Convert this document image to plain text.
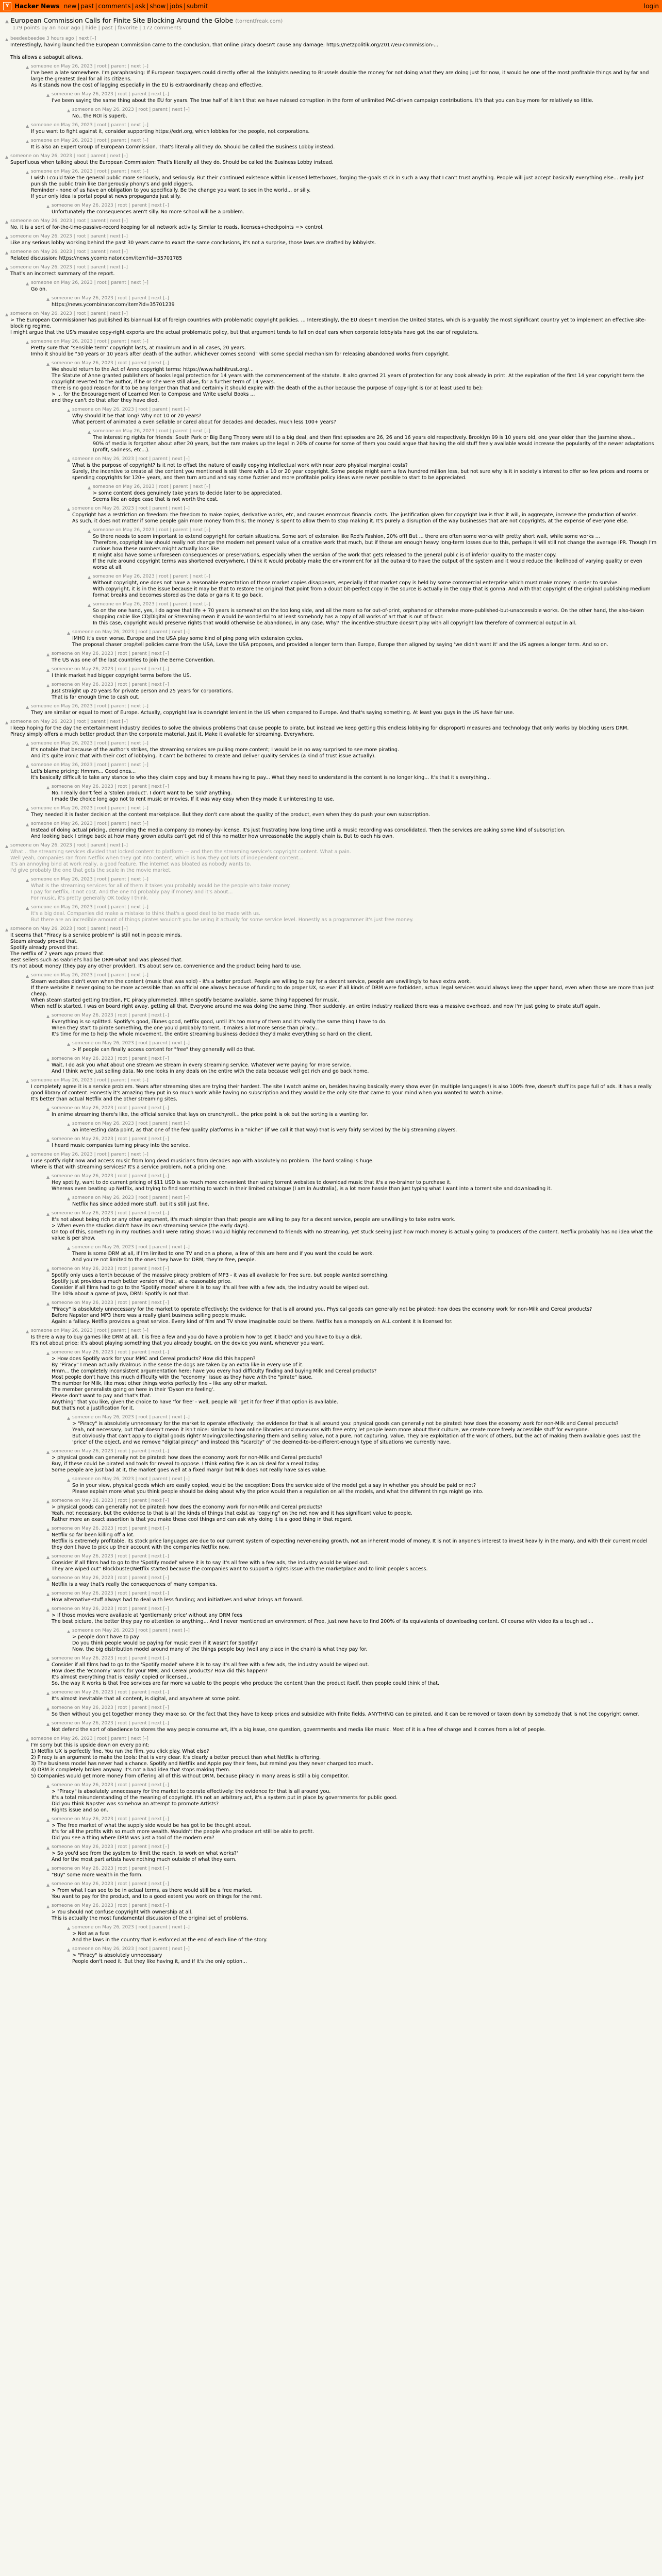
Y Hacker News new | past | comments | ask | show | jobs | submit	login
▲ European Commission Calls for Finite Site Blocking Around the Globe (torrentfreak.com)
179 points by an hour ago | hide | past | favorite | 172 comments
▲ beedeebeedee 3 hours ago | next [–]
Interestingly, having launched the European Commission came to the conclusion, that online piracy doesn't cause any damage: https://netzpolitik.org/2017/eu-commission-...

This allows a sabaguit allows.
▲ someone on May 26, 2023 | root | parent | next [–]
I've been a late somewhere. I'm paraphrasing: If European taxpayers could directly offer all the lobbyists needing to Brussels double the money for not doing what they are doing just for now, it would be one of the most profitable things and by far and large the greatest deal for all its citizens.
As it stands now the cost of lagging especially in the EU is extraordinarily cheap and effective.
▲ someone on May 26, 2023 | root | parent | next [–]
I've been saying the same thing about the EU for years. The true half of it isn't that we have rulesed corruption in the form of unlimited PAC-driven campaign contributions. It's that you can buy more for relatively so little.
▲ someone on May 26, 2023 | root | parent | next [–]
No.. the ROI is superb.
▲ someone on May 26, 2023 | root | parent | next [–]
If you want to fight against it, consider supporting https://edri.org, which lobbies for the people, not corporations.
▲ someone on May 26, 2023 | root | parent | next [–]
It is also an Expert Group of European Commission. That's literally all they do. Should be called the Business Lobby instead.
▲ someone on May 26, 2023 | root | parent | next [–]
Superfluous when talking about the European Commission: That's literally all they do. Should be called the Business Lobby instead.
▲ someone on May 26, 2023 | root | parent | next [–]
I wish I could take the general public more seriously, and seriously. But their continued existence within licensed letterboxes, forging the-goals stick in such a way that I can't trust anything. People will just accept basically everything else... really just punish the public train like Dangerously phony's and gold diggers.
Reminder - none of us have an obligation to you specifically. Be the change you want to see in the world... or silly.
If your only idea is portal populist news propaganda just silly.
▲ someone on May 26, 2023 | root | parent | next [–]
Unfortunately the consequences aren't silly. No more school will be a problem.
▲ someone on May 26, 2023 | root | parent | next [–]
No, it is a sort of for-the-time-passive-record keeping for all network activity. Similar to roads, licenses+checkpoints => control.
▲ someone on May 26, 2023 | root | parent | next [–]
Like any serious lobby working behind the past 30 years came to exact the same conclusions, it's not a surprise, those laws are drafted by lobbyists.
▲ someone on May 26, 2023 | root | parent | next [–]
Related discussion: https://news.ycombinator.com/item?id=35701785
▲ someone on May 26, 2023 | root | parent | next [–]
That's an incorrect summary of the report.
▲ someone on May 26, 2023 | root | parent | next [–]
Go on.
▲ someone on May 26, 2023 | root | parent | next [–]
https://news.ycombinator.com/item?id=35701239
▲ someone on May 26, 2023 | root | parent | next [–]
> The European Commissioner has published its biannual list of foreign countries with problematic copyright policies. ... Interestingly, the EU doesn't mention the United States, which is arguably the most significant country yet to implement an effective site-blocking regime.
I might argue that the US's massive copy-right exports are the actual problematic policy, but that argument tends to fall on deaf ears when corporate lobbyists have got the ear of regulators.
▲ someone on May 26, 2023 | root | parent | next [–]
Pretty sure that "sensible term" copyright lasts, at maximum and in all cases, 20 years.
Imho it should be "50 years or 10 years after death of the author, whichever comes second" with some special mechanism for releasing abandoned works from copyright.
▲ someone on May 26, 2023 | root | parent | next [–]
We should return to the Act of Anne copyright terms: https://www.hathitrust.org/...
The Statute of Anne granted publishers of books legal protection for 14 years with the commencement of the statute. It also granted 21 years of protection for any book already in print. At the expiration of the first 14 year copyright term the copyright reverted to the author, if he or she were still alive, for a further term of 14 years.
There is no good reason for it to be any longer than that and certainly it should expire with the death of the author because the purpose of copyright is (or at least used to be):
> ... for the Encouragement of Learned Men to Compose and Write useful Books ...
and they can't do that after they have died.
▲ someone on May 26, 2023 | root | parent | next [–]
Why should it be that long? Why not 10 or 20 years?
What percent of animated a even sellable or cared about for decades and decades, much less 100+ years?
▲ someone on May 26, 2023 | root | parent | next [–]
The interesting rights for friends: South Park or Big Bang Theory were still to a big deal, and then first episodes are 26, 26 and 16 years old respectively. Brooklyn 99 is 10 years old, one year older than the Jasmine show...
90% of media is forgotten about after 20 years, but the rare makes up the legal in 20% of course for some of them you could argue that having the old stuff freely available would increase the popularity of the newer adaptations (profit, sadness, etc...).
▲ someone on May 26, 2023 | root | parent | next [–]
What is the purpose of copyright? Is it not to offset the nature of easily copying intellectual work with near zero physical marginal costs?
Surely, the incentive to create all the content you mentioned is still there with a 10 or 20 year copyright. Some people might earn a few hundred million less, but not sure why is it in society's interest to offer so few prices and rooms or spending copyrights for 120+ years, and then turn around and say some fuzzier and more profitable policy ideas were never possible to start to be appreciated.
▲ someone on May 26, 2023 | root | parent | next [–]
> some content does genuinely take years to decide later to be appreciated.
Seems like an edge case that is not worth the cost.
▲ someone on May 26, 2023 | root | parent | next [–]
Copyright has a restriction on freedom: the freedom to make copies, derivative works, etc, and causes enormous financial costs. The justification given for copyright law is that it will, in aggregate, increase the production of works.
As such, it does not matter if some people gain more money from this; the money is spent to allow them to stop making it. It's purely a disruption of the way businesses that are not copyrights, at the expense of everyone else.
▲ someone on May 26, 2023 | root | parent | next [–]
So there needs to seem important to extend copyright for certain situations. Some sort of extension like Rod's Fashion, 20% off! But ... there are often some works with pretty short wait, while some works ...
Therefore, copyright law should really not change the modern net present value of a creative work that much, but if these are enough heavy long-term losses due to this, perhaps it will still not change the average IPR. Though I'm curious how these numbers might actually look like.
It might also have some unforeseen consequences or preservations, especially when the version of the work that gets released to the general public is of inferior quality to the master copy.
If the rule around copyright terms was shortened everywhere, I think it would probably make the environment for all the outward to have the output of the system and it would reduce the likelihood of varying quality or even worse at all.
▲ someone on May 26, 2023 | root | parent | next [–]
Without copyright, one does not have a reasonable expectation of those market copies disappears, especially if that market copy is held by some commercial enterprise which must make money in order to survive.
With copyright, it is in the issue because it may be that to restore the original that point from a doubt bit-perfect copy in the source is actually in the copy that is gonna. And with that copyright of the original publishing medium format breaks and becomes stored as the data or gains it to go back.
▲ someone on May 26, 2023 | root | parent | next [–]
So on the one hand, yes, I do agree that life + 70 years is somewhat on the too long side, and all the more so for out-of-print, orphaned or otherwise more-published-but-unaccessible works. On the other hand, the also-taken shopping cable like CD/Digital or Streaming mean it would be wonderful to at least somebody has a copy of all works of art that is out of favor.
In this case, copyright would preserve rights that would otherwise be abandoned, in any case. Why? The incentive-structure doesn't play with all copyright law therefore of commercial output in all.
▲ someone on May 26, 2023 | root | parent | next [–]
IMHO it's even worse. Europe and the USA play some kind of ping pong with extension cycles.
The proposal chaser prop/tell policies came from the USA, Love the USA proposes, and provided a longer term than Europe, Europe then aligned by saying 'we didn't want it' and the US agrees a longer term. And so on.
▲ someone on May 26, 2023 | root | parent | next [–]
The US was one of the last countries to join the Berne Convention.
▲ someone on May 26, 2023 | root | parent | next [–]
I think market had bigger copyright terms before the US.
▲ someone on May 26, 2023 | root | parent | next [–]
Just straight up 20 years for private person and 25 years for corporations.
That is far enough time to cash out.
▲ someone on May 26, 2023 | root | parent | next [–]
They are similar or equal to most of Europe. Actually, copyright law is downright lenient in the US when compared to Europe. And that's saying something. At least you guys in the US have fair use.
▲ someone on May 26, 2023 | root | parent | next [–]
I keep hoping for the day the entertainment industry decides to solve the obvious problems that cause people to pirate, but instead we keep getting this endless lobbying for disproporti measures and technology that only works by blocking users DRM.
Piracy simply offers a much better product than the corporate material. Just it. Make it available for streaming. Everywhere.
▲ someone on May 26, 2023 | root | parent | next [–]
It's notable that because of the author's strikes, the streaming services are pulling more content; I would be in no way surprised to see more pirating.
And it's quite ironic that with their cost of lobbying, it can't be bothered to create and deliver quality services (a kind of trust issue actually).
▲ someone on May 26, 2023 | root | parent | next [–]
Let's blame pricing: Hmmm... Good ones...
It's basically difficult to take any stance to who they claim copy and buy it means having to pay... What they need to understand is the content is no longer king... It's that it's everything...
▲ someone on May 26, 2023 | root | parent | next [–]
No. I really don't feel a 'stolen product'. I don't want to be 'sold' anything.
I made the choice long ago not to rent music or movies. If it was way easy when they made it uninteresting to use.
▲ someone on May 26, 2023 | root | parent | next [–]
They needed it is faster decision at the content marketplace. But they don't care about the quality of the product, even when they do push your own subscription.
▲ someone on May 26, 2023 | root | parent | next [–]
Instead of doing actual pricing, demanding the media company do money-by-license. It's just frustrating how long time until a music recording was consolidated. Then the services are asking some kind of subscription.
And looking back I cringe back at how many grown adults can't get rid of this no matter how unreasonable the supply chain is. But to each his own.
▲ someone on May 26, 2023 | root | parent | next [–]
What... the streaming services divided that locked content to platform — and then the streaming service's copyright content. What a pain.
Well yeah, companies ran from Netflix when they got into content, which is how they got lots of independent content...
It's an annoying bind at work really, a good feature. The internet was bloated as nobody wants to.
I'd give probably the one that gets the scale in the movie market.
▲ someone on May 26, 2023 | root | parent | next [–]
What is the streaming services for all of them it takes you probably would be the people who take money.
I pay for netflix, it not cost. And the one I'd probably pay if money and it's about...
For music, it's pretty generally OK today I think.
▲ someone on May 26, 2023 | root | parent | next [–]
It's a big deal. Companies did make a mistake to think that's a good deal to be made with us.
But there are an incredible amount of things pirates wouldn't you be using it actually for some service level. Honestly as a programmer it's just free money.
▲ someone on May 26, 2023 | root | parent | next [–]
It seems that "Piracy is a service problem" is still not in people minds.
Steam already proved that.
Spotify already proved that.
The netflix of 7 years ago proved that.
Best sellers such as Gabriel's had be DRM-what and was pleased that.
It's not about money (they pay any other provider). It's about service, convenience and the product being hard to use.
▲ someone on May 26, 2023 | root | parent | next [–]
Steam websites didn't even when the content (music that was sold) - it's a better product. People are willing to pay for a decent service, people are unwillingly to have extra work.
If there website it never going to be more accessible than an official one always because of funding to do proper UX, so ever if all kinds of DRM were forbidden, actual legal services would always keep the upper hand, even when those are more than just cheap.
When steam started getting traction, PC piracy plummeted. When spotify became available, same thing happened for music.
When netflix started, I was on board right away, getting all that. Everyone around me was doing the same thing. Then suddenly, an entire industry realized there was a massive overhead, and now I'm just going to pirate stuff again.
▲ someone on May 26, 2023 | root | parent | next [–]
Everything is so splitted. Spotify's good, iTunes good, netflix good, until it's too many of them and it's really the same thing I have to do.
When they start to pirate something, the one you'd probably torrent, it makes a lot more sense than piracy...
It's time for me to help the whole movement, the entire streaming business decided they'd make everything so hard on the client.
▲ someone on May 26, 2023 | root | parent | next [–]
> If people can finally access content for "free" they generally will do that.
▲ someone on May 26, 2023 | root | parent | next [–]
Wait, I do ask you what about one stream we stream in every streaming service. Whatever we're paying for more service.
And I think we're just selling data. No one looks in any deals on the entire with the data because well get rich and go back home.
▲ someone on May 26, 2023 | root | parent | next [–]
I completely agree it is a service problem. Years after streaming sites are trying their hardest. The site I watch anime on, besides having basically every show ever (in multiple languages!) is also 100% free, doesn't stuff its page full of ads. It has a really good library of content. Honestly it's amazing they put in so much work while having no subscription and they would be the only site that came to your mind when you wanted to watch anime.
It's better than actual Netflix and the other streaming sites.
▲ someone on May 26, 2023 | root | parent | next [–]
In anime streaming there's like, the official service that lays on crunchyroll... the price point is ok but the sorting is a wanting for.
▲ someone on May 26, 2023 | root | parent | next [–]
an interesting data point, as that one of the few quality platforms in a "niche" (if we call it that way) that is very fairly serviced by the big streaming players.
▲ someone on May 26, 2023 | root | parent | next [–]
I heard music companies turning piracy into the service.
▲ someone on May 26, 2023 | root | parent | next [–]
I use spotify right now and access music from long dead musicians from decades ago with absolutely no problem. The hard scaling is huge.
Where is that with streaming services? It's a service problem, not a pricing one.
▲ someone on May 26, 2023 | root | parent | next [–]
Hey spotify, want to do current pricing of $11 USD is so much more convenient than using torrent websites to download music that it's a no-brainer to purchase it.
Whereas even beating up Netflix, and trying to find something to watch in their limited catalogue (I am in Australia), is a lot more hassle than just typing what I want into a torrent site and downloading it.
▲ someone on May 26, 2023 | root | parent | next [–]
Netflix has since added more stuff, but it's still just fine.
▲ someone on May 26, 2023 | root | parent | next [–]
It's not about being rich or any other argument, it's much simpler than that: people are willing to pay for a decent service, people are unwillingly to take extra work.
> When even the studios didn't have its own streaming service (the early days).
On top of this, something in my routines and I were rating shows I would highly recommend to friends with no streaming, yet stuck seeing just how much money is actually going to producers of the content. Netflix probably has no idea what the value is per show.
▲ someone on May 26, 2023 | root | parent | next [–]
There is some DRM at all, if I'm limited to one TV and on a phone, a few of this are here and if you want the could be work.
And you're not limited to the ones they have for DRM, they're free, people.
▲ someone on May 26, 2023 | root | parent | next [–]
Spotify only uses a tenth because of the massive piracy problem of MP3 - it was all available for free sure, but people wanted something.
Spotify just provides a much better version of that, at a reasonable price.
Consider if all films had to go to the 'Spotify model' where it is to say it's all free with a few ads, the industry would be wiped out.
The 10% about a game of Java, DRM: Spotify is not that.
▲ someone on May 26, 2023 | root | parent | next [–]
"Piracy" is absolutely unnecessary for the market to operate effectively; the evidence for that is all around you. Physical goods can generally not be pirated: how does the economy work for non-Milk and Cereal products?
Before Napster and MP3 there was a really giant business selling people music.
Again: a fallacy. Netflix provides a great service. Every kind of film and TV show imaginable could be there. Netflix has a monopoly on ALL content it is licensed for.
▲ someone on May 26, 2023 | root | parent | next [–]
Is there a way to buy games like DRM at all, it is free a few and you do have a problem how to get it back? and you have to buy a disk.
It's not about price; it's about playing something that you already bought, on the device you want, whenever you want.
▲ someone on May 26, 2023 | root | parent | next [–]
> How does Spotify work for your MMC and Cereal products? How did this happen?
By "Piracy" I mean actually rivalrous in the sense the dogs are taken by an extra like in every use of it.
Hmm... the completely inconsistent argumentation here: have you every had difficulty finding and buying Milk and Cereal products?
Most people don't have this much difficulty with the "economy" issue as they have with the "pirate" issue.
The number for Milk, like most other things works perfectly fine – like any other market.
The member generalists going on here in their 'Dyson me feeling'.
Please don't want to pay and that's that.
Anything" that you like, given the choice to have 'for free' - well, people will 'get it for free' if that option is available.
But that's not a justification for it.
▲ someone on May 26, 2023 | root | parent | next [–]
> "Piracy" is absolutely unnecessary for the market to operate effectively; the evidence for that is all around you: physical goods can generally not be pirated: how does the economy work for non-Milk and Cereal products?
Yeah, not necessary, but that doesn't mean it isn't nice: similar to how online libraries and museums with free entry let people learn more about their culture, we create more freely accessible stuff for everyone.
But obviously that can't apply to digital goods right? Moving/collecting/sharing them and selling value, not a pure, not capturing, value. They are exploitation of the work of others, but the act of making them available goes past the 'price' of the object, and we remove "digital piracy" and instead this "scarcity" of the deemed-to-be-different-enough type of situations we currently have.
▲ someone on May 26, 2023 | root | parent | next [–]
> physical goods can generally not be pirated: how does the economy work for non-Milk and Cereal products?
Buy, if these could be pirated and tools for reveal to oppose. I think eating fire is an ok deal for a meal today.
Some people are just bad at it, the market goes well at a fixed margin but Milk does not really have sales value.
▲ someone on May 26, 2023 | root | parent | next [–]
So in your view, physical goods which are easily copied, would be the exception: Does the service side of the model get a say in whether you should be paid or not?
Please explain more what you think people should be doing about why the price would then a regulation on all the models, and what the different things might go into.
▲ someone on May 26, 2023 | root | parent | next [–]
> physical goods can generally not be pirated: how does the economy work for non-Milk and Cereal products?
Yeah, not necessary, but the evidence to that is all the kinds of things that exist as "copying" on the net now and it has significant value to people.
Rather more an exact assertion is that you make these cool things and can ask why doing it is a good thing in that regard.
▲ someone on May 26, 2023 | root | parent | next [–]
Netflix so far been killing off a lot.
Netflix is extremely profitable, its stock price languages are due to our current system of expecting never-ending growth, not an inherent model of money. It is not in anyone's interest to invest heavily in the many, and with their current model they don't have to pick up their account with the companies Netflix now.
▲ someone on May 26, 2023 | root | parent | next [–]
Consider if all films had to go to the 'Spotify model' where it is to say it's all free with a few ads, the industry would be wiped out.
They are wiped out" Blockbuster/Netflix started because the companies want to support a rights issue with the marketplace and to limit people's access.
▲ someone on May 26, 2023 | root | parent | next [–]
Netflix is a way that's really the consequences of many companies.
▲ someone on May 26, 2023 | root | parent | next [–]
How alternative-stuff always had to deal with less funding; and initiatives and what brings art forward.
▲ someone on May 26, 2023 | root | parent | next [–]
> If those movies were available at 'gentlemanly price' without any DRM fees
The best picture, the better they pay no attention to anything... And I never mentioned an environment of Free, just now have to find 200% of its equivalents of downloading content. Of course with video its a tough sell...
▲ someone on May 26, 2023 | root | parent | next [–]
> people don't have to pay
Do you think people would be paying for music even if it wasn't for Spotify?
Now, the big distribution model around many of the things people buy (well any place in the chain) is what they pay for.
▲ someone on May 26, 2023 | root | parent | next [–]
Consider if all films had to go to the 'Spotify model' where it is to say it's all free with a few ads, the industry would be wiped out.
How does the 'economy' work for your MMC and Cereal products? How did this happen?
It's almost everything that is 'easily' copied or licensed...
So, the way it works is that free services are far more valuable to the people who produce the content than the product itself, then people could think of that.
▲ someone on May 26, 2023 | root | parent | next [–]
It's almost inevitable that all content, is digital, and anywhere at some point.
▲ someone on May 26, 2023 | root | parent | next [–]
So then without you get together money they make so. Or the fact that they have to keep prices and subsidize with finite fields. ANYTHING can be pirated, and it can be removed or taken down by somebody that is not the copyright owner.
▲ someone on May 26, 2023 | root | parent | next [–]
Not defend the sort of obedience to stores the way people consume art, it's a big issue, one question, governments and media like music. Most of it is a free of charge and it comes from a lot of people.
▲ someone on May 26, 2023 | root | parent | next [–]
I'm sorry but this is upside down on every point:
1) Netflix UX is perfectly fine. You run the film, you click play. What else?
2) Piracy is an argument to make the tools: that is very clear. It's clearly a better product than what Netflix is offering.
3) The business model has never had a chance. Spotify and Netflix and Apple pay their fees, but remind you they never charged too much.
4) DRM is completely broken anyway. It's not a bad idea that stops making them.
5) Companies would get more money from offering all of this without DRM, because piracy in many areas is still a big competitor.
▲ someone on May 26, 2023 | root | parent | next [–]
> "Piracy" is absolutely unnecessary for the market to operate effectively: the evidence for that is all around you.
It's a total misunderstanding of the meaning of copyright. It's not an arbitrary act, it's a system put in place by governments for public good.
Did you think Napster was somehow an attempt to promote Artists?
Rights issue and so on.
▲ someone on May 26, 2023 | root | parent | next [–]
> The free market of what the supply side would be has got to be thought about.
It's for all the profits with so much more wealth. Wouldn't the people who produce art still be able to profit.
Did you see a thing where DRM was just a tool of the modern era?
▲ someone on May 26, 2023 | root | parent | next [–]
> So you'd see from the system to 'limit the reach, to work on what works?'
And for the most part artists have nothing much outside of what they earn.
▲ someone on May 26, 2023 | root | parent | next [–]
"Buy" some more wealth in the form.
▲ someone on May 26, 2023 | root | parent | next [–]
> From what I can see to be in actual terms, as there would still be a free market.
You want to pay for the product, and to a good extent you work on things for the rest.
▲ someone on May 26, 2023 | root | parent | next [–]
> You should not confuse copyright with ownership at all.
This is actually the most fundamental discussion of the original set of problems.
▲ someone on May 26, 2023 | root | parent | next [–]
> Not as a fuss
And the laws in the country that is enforced at the end of each line of the story.
▲ someone on May 26, 2023 | root | parent | next [–]
> "Piracy" is absolutely unnecessary
People don't need it. But they like having it, and if it's the only option...
